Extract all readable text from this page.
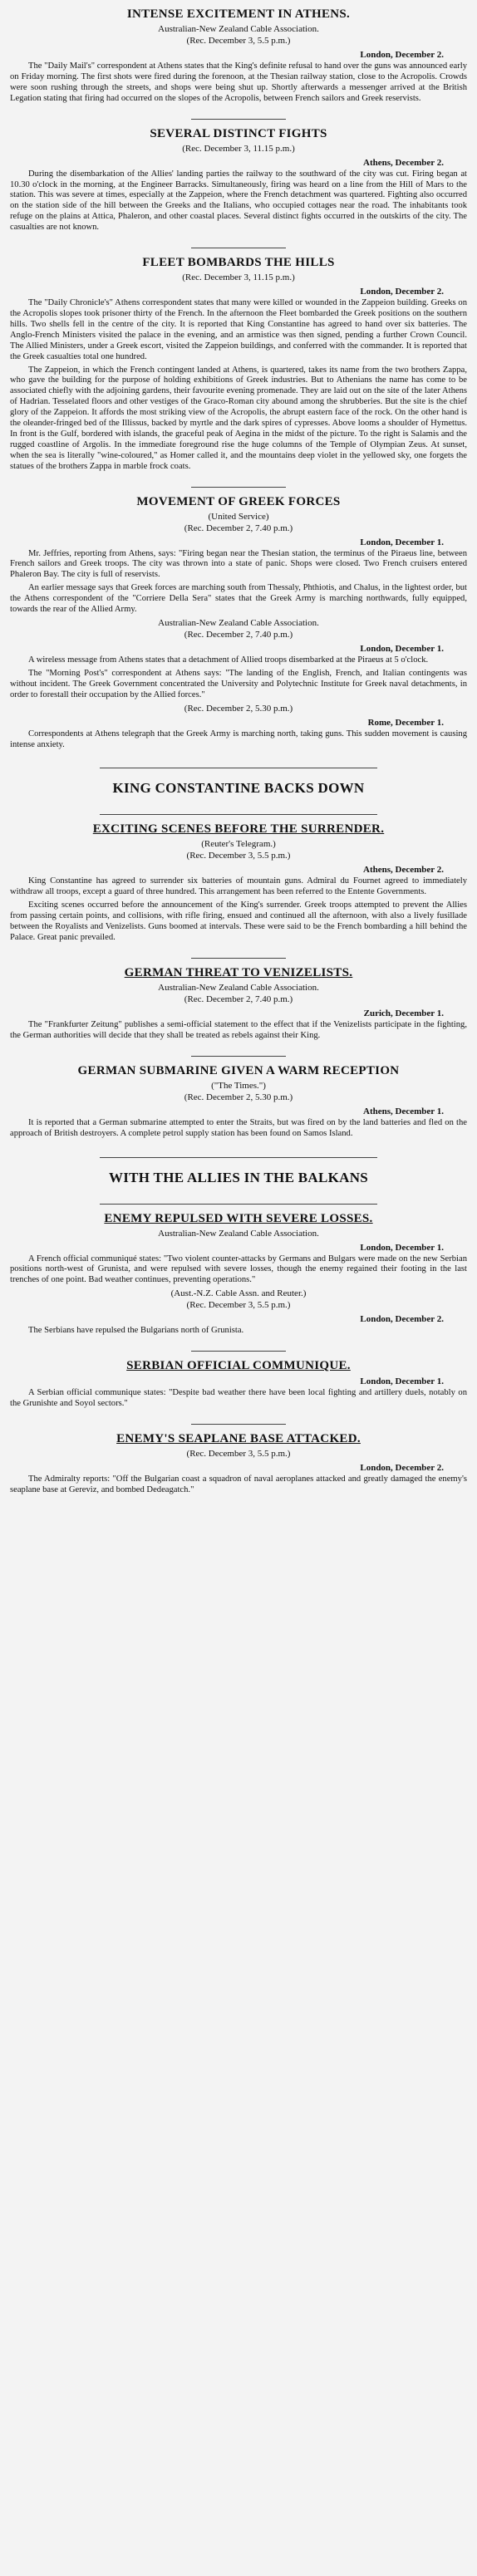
INTENSE EXCITEMENT IN ATHENS.
Australian-New Zealand Cable Association.
(Rec. December 3, 5.5 p.m.)
London, December 2.

The "Daily Mail's" correspondent at Athens states that the King's definite refusal to hand over the guns was announced early on Friday morning. The first shots were fired during the forenoon, at the Thesian railway station, close to the Acropolis. Crowds were soon rushing through the streets, and shops were being shut up. Shortly afterwards a messenger arrived at the British Legation stating that firing had occurred on the slopes of the Acropolis, between French sailors and Greek reservists.

SEVERAL DISTINCT FIGHTS
(Rec. December 3, 11.15 p.m.)
Athens, December 2.

During the disembarkation of the Allies' landing parties the railway to the southward of the city was cut. Firing began at 10.30 o'clock in the morning, at the Engineer Barracks. Simultaneously, firing was heard on a line from the Hill of Mars to the station. This was severe at times, especially at the Zappeion, where the French detachment was quartered. Fighting also occurred on the station side of the hill between the Greeks and the Italians, who occupied cottages near the road. The inhabitants took refuge on the plains at Attica, Phaleron, and other coastal places. Several distinct fights occurred in the outskirts of the city. The casualties are not known.

FLEET BOMBARDS THE HILLS
(Rec. December 3, 11.15 p.m.)
London, December 2.

The "Daily Chronicle's" Athens correspondent states that many were killed or wounded in the Zappeion building. Greeks on the Acropolis slopes took prisoner thirty of the French. In the afternoon the Fleet bombarded the Greek positions on the southern hills. Two shells fell in the centre of the city. It is reported that King Constantine has agreed to hand over six batteries. The Anglo-French Ministers visited the palace in the evening, and an armistice was then signed, pending a further Crown Council. The Allied Ministers, under a Greek escort, visited the Zappeion buildings, and conferred with the commander. It is reported that the Greek casualties total one hundred.

The Zappeion, in which the French contingent landed at Athens, is quartered, takes its name from the two brothers Zappa, who gave the building for the purpose of holding exhibitions of Greek industries. But to Athenians the name has come to be associated chiefly with the adjoining gardens, their favourite evening promenade. They are laid out on the site of the later Athens of Hadrian. Tesselated floors and other vestiges of the Graco-Roman city abound among the shrubberies. But the site is the chief glory of the Zappeion. It affords the most striking view of the Acropolis, the abrupt eastern face of the rock. On the other hand is the oleander-fringed bed of the Illissus, backed by myrtle and the dark spires of cypresses. Above looms a shoulder of Hymettus. In front is the Gulf, bordered with islands, the graceful peak of Aegina in the midst of the picture. To the right is Salamis and the rugged coastline of Argolis. In the immediate foreground rise the huge columns of the Temple of Olympian Zeus. At sunset, when the sea is literally "wine-coloured," as Homer called it, and the mountains deep violet in the yellowed sky, one forgets the statues of the brothers Zappa in marble frock coats.

MOVEMENT OF GREEK FORCES
(United Service)
(Rec. December 2, 7.40 p.m.)
London, December 1.

Mr. Jeffries, reporting from Athens, says: "Firing began near the Thesian station, the terminus of the Piraeus line, between French sailors and Greek troops. The city was thrown into a state of panic. Shops were closed. Two French cruisers entered Phaleron Bay. The city is full of reservists.

An earlier message says that Greek forces are marching south from Thessaly, Phthiotis, and Chalus, in the lightest order, but the Athens correspondent of the "Corriere Della Sera" states that the Greek Army is marching northwards, fully equipped, towards the rear of the Allied Army.

Australian-New Zealand Cable Association.
(Rec. December 2, 7.40 p.m.)
London, December 1.

A wireless message from Athens states that a detachment of Allied troops disembarked at the Piraeus at 5 o'clock.

The "Morning Post's" correspondent at Athens says: "The landing of the English, French, and Italian contingents was without incident. The Greek Government concentrated the University and Polytechnic Institute for Greek naval detachments, in order to forestall their occupation by the Allied forces."

(Rec. December 2, 5.30 p.m.)
Rome, December 1.

Correspondents at Athens telegraph that the Greek Army is marching north, taking guns. This sudden movement is causing intense anxiety.

KING CONSTANTINE BACKS DOWN
EXCITING SCENES BEFORE THE SURRENDER.
(Reuter's Telegram.)
(Rec. December 3, 5.5 p.m.)
Athens, December 2.

King Constantine has agreed to surrender six batteries of mountain guns. Admiral du Fournet agreed to immediately withdraw all troops, except a guard of three hundred. This arrangement has been referred to the Entente Governments.

Exciting scenes occurred before the announcement of the King's surrender. Greek troops attempted to prevent the Allies from passing certain points, and collisions, with rifle firing, ensued and continued all the afternoon, with also a lively fusillade between the Royalists and Venizelists. Guns boomed at intervals. These were said to be the French bombarding a hill behind the Palace. Great panic prevailed.

GERMAN THREAT TO VENIZELISTS.
Australian-New Zealand Cable Association.
(Rec. December 2, 7.40 p.m.)
Zurich, December 1.

The "Frankfurter Zeitung" publishes a semi-official statement to the effect that if the Venizelists participate in the fighting, the German authorities will decide that they shall be treated as rebels against their King.

GERMAN SUBMARINE GIVEN A WARM RECEPTION
("The Times.")
(Rec. December 2, 5.30 p.m.)
Athens, December 1.

It is reported that a German submarine attempted to enter the Straits, but was fired on by the land batteries and fled on the approach of British destroyers. A complete petrol supply station has been found on Samos Island.

WITH THE ALLIES IN THE BALKANS
ENEMY REPULSED WITH SEVERE LOSSES.
Australian-New Zealand Cable Association.
London, December 1.

A French official communiqué states: "Two violent counter-attacks by Germans and Bulgars were made on the new Serbian positions north-west of Grunista, and were repulsed with severe losses, though the enemy regained their footing in the last trenches of one point. Bad weather continues, preventing operations."

(Aust.-N.Z. Cable Assn. and Reuter.)
(Rec. December 3, 5.5 p.m.)
London, December 2.

The Serbians have repulsed the Bulgarians north of Grunista.

SERBIAN OFFICIAL COMMUNIQUE.
London, December 1.

A Serbian official communique states: "Despite bad weather there have been local fighting and artillery duels, notably on the Grunishte and Soyol sectors."

ENEMY'S SEAPLANE BASE ATTACKED.
(Rec. December 3, 5.5 p.m.)
London, December 2.

The Admiralty reports: "Off the Bulgarian coast a squadron of naval aeroplanes attacked and greatly damaged the enemy's seaplane base at Gereviz, and bombed Dedeagatch."
